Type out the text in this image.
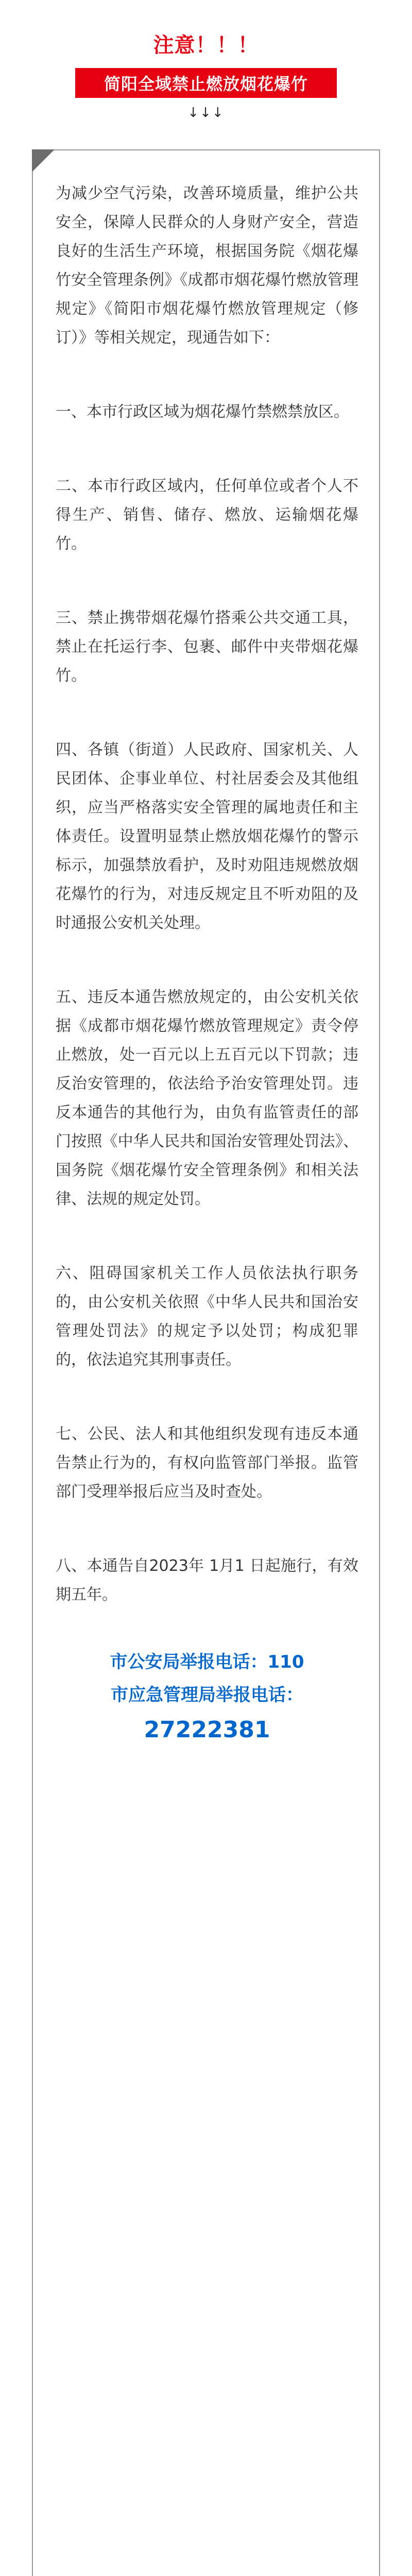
注意！！！
简阳全域禁止燃放烟花爆竹
↓↓↓

为减少空气污染，改善环境质量，维护公共安全，保障人民群众的人身财产安全，营造良好的生活生产环境，根据国务院《烟花爆竹安全管理条例》《成都市烟花爆竹燃放管理规定》《简阳市烟花爆竹燃放管理规定（修订）》等相关规定，现通告如下：

一、本市行政区域为烟花爆竹禁燃禁放区。

二、本市行政区域内，任何单位或者个人不得生产、销售、储存、燃放、运输烟花爆竹。

三、禁止携带烟花爆竹搭乘公共交通工具，禁止在托运行李、包裹、邮件中夹带烟花爆竹。

四、各镇（街道）人民政府、国家机关、人民团体、企事业单位、村社居委会及其他组织，应当严格落实安全管理的属地责任和主体责任。设置明显禁止燃放烟花爆竹的警示标示，加强禁放看护，及时劝阻违规燃放烟花爆竹的行为，对违反规定且不听劝阻的及时通报公安机关处理。

五、违反本通告燃放规定的，由公安机关依据《成都市烟花爆竹燃放管理规定》责令停止燃放，处一百元以上五百元以下罚款；违反治安管理的，依法给予治安管理处罚。违反本通告的其他行为，由负有监管责任的部门按照《中华人民共和国治安管理处罚法》、国务院《烟花爆竹安全管理条例》和相关法律、法规的规定处罚。

六、阻碍国家机关工作人员依法执行职务的，由公安机关依照《中华人民共和国治安管理处罚法》的规定予以处罚；构成犯罪的，依法追究其刑事责任。

七、公民、法人和其他组织发现有违反本通告禁止行为的，有权向监管部门举报。监管部门受理举报后应当及时查处。

八、本通告自2023年 1月1 日起施行，有效期五年。

市公安局举报电话：110
市应急管理局举报电话：
27222381
